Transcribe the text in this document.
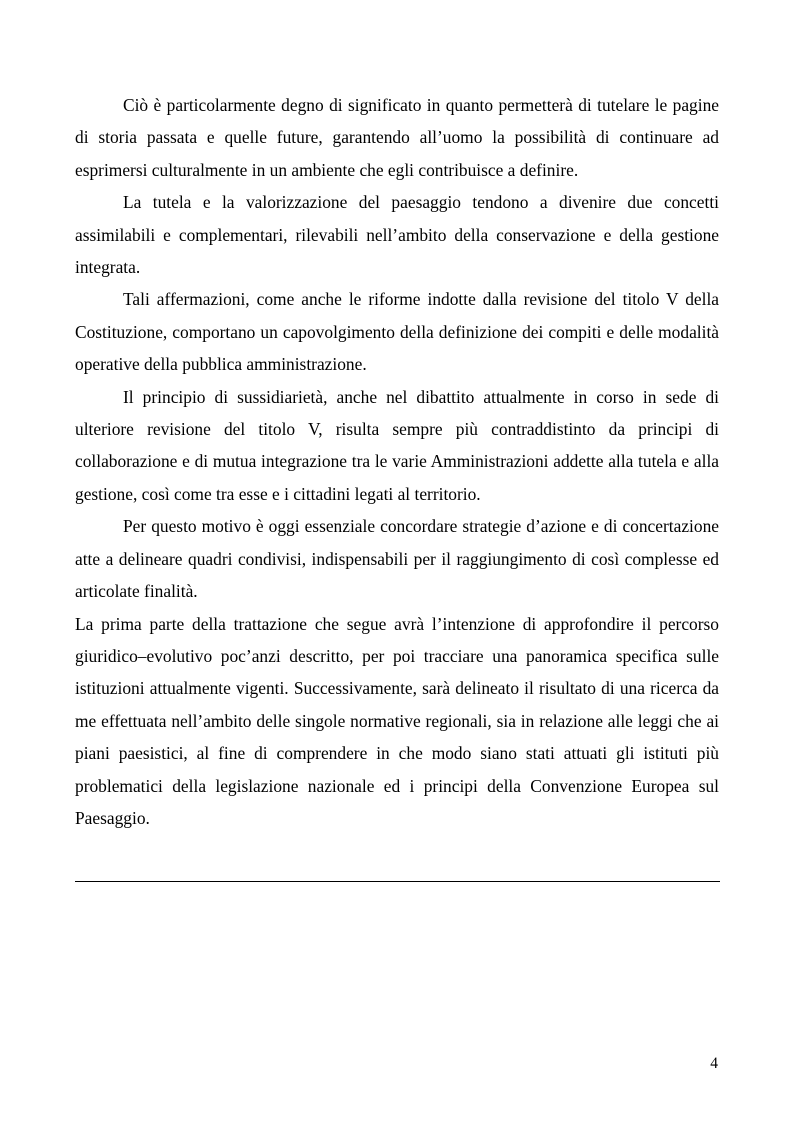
Ciò è particolarmente degno di significato in quanto permetterà di tutelare le pagine di storia passata e quelle future, garantendo all’uomo la possibilità di continuare ad esprimersi culturalmente in un ambiente che egli contribuisce a definire.

La tutela e la valorizzazione del paesaggio tendono a divenire due concetti assimilabili e complementari, rilevabili nell’ambito della conservazione e della gestione integrata.

Tali affermazioni, come anche le riforme indotte dalla revisione del titolo V della Costituzione, comportano un capovolgimento della definizione dei compiti e delle modalità operative della pubblica amministrazione.

Il principio di sussidiarietà, anche nel dibattito attualmente in corso in sede di ulteriore revisione del titolo V, risulta sempre più contraddistinto da principi di collaborazione e di mutua integrazione tra le varie Amministrazioni addette alla tutela e alla gestione, così come tra esse e i cittadini legati al territorio.

Per questo motivo è oggi essenziale concordare strategie d’azione e di concertazione atte a delineare quadri condivisi, indispensabili per il raggiungimento di così complesse ed articolate finalità.

La prima parte della trattazione che segue avrà l’intenzione di approfondire il percorso giuridico–evolutivo poc’anzi descritto, per poi tracciare una panoramica specifica sulle istituzioni attualmente vigenti. Successivamente, sarà delineato il risultato di una ricerca da me effettuata nell’ambito delle singole normative regionali, sia in relazione alle leggi che ai piani paesistici, al fine di comprendere in che modo siano stati attuati gli istituti più problematici della legislazione nazionale ed i principi della Convenzione Europea sul Paesaggio.

4
